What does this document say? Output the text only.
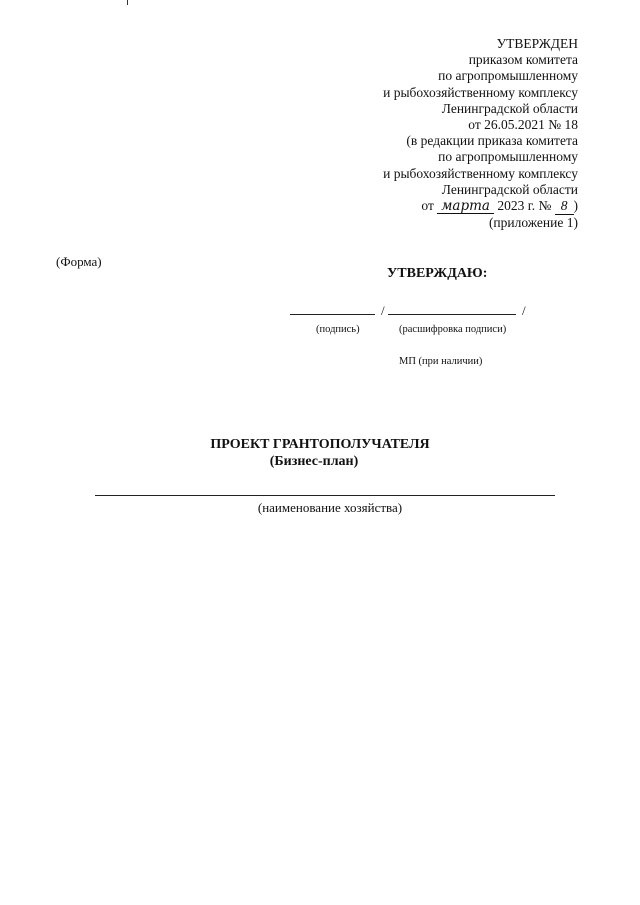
УТВЕРЖДЕН
приказом комитета
по агропромышленному
и рыбохозяйственному комплексу
Ленинградской области
от 26.05.2021 № 18
(в редакции приказа комитета
по агропромышленному
и рыбохозяйственному комплексу
Ленинградской области
от марта 2023 г. № 8 )
(приложение 1)
(Форма)
УТВЕРЖДАЮ:
/	/
(подпись)	(расшифровка подписи)
МП (при наличии)
ПРОЕКТ ГРАНТОПОЛУЧАТЕЛЯ
(Бизнес-план)
(наименование хозяйства)
